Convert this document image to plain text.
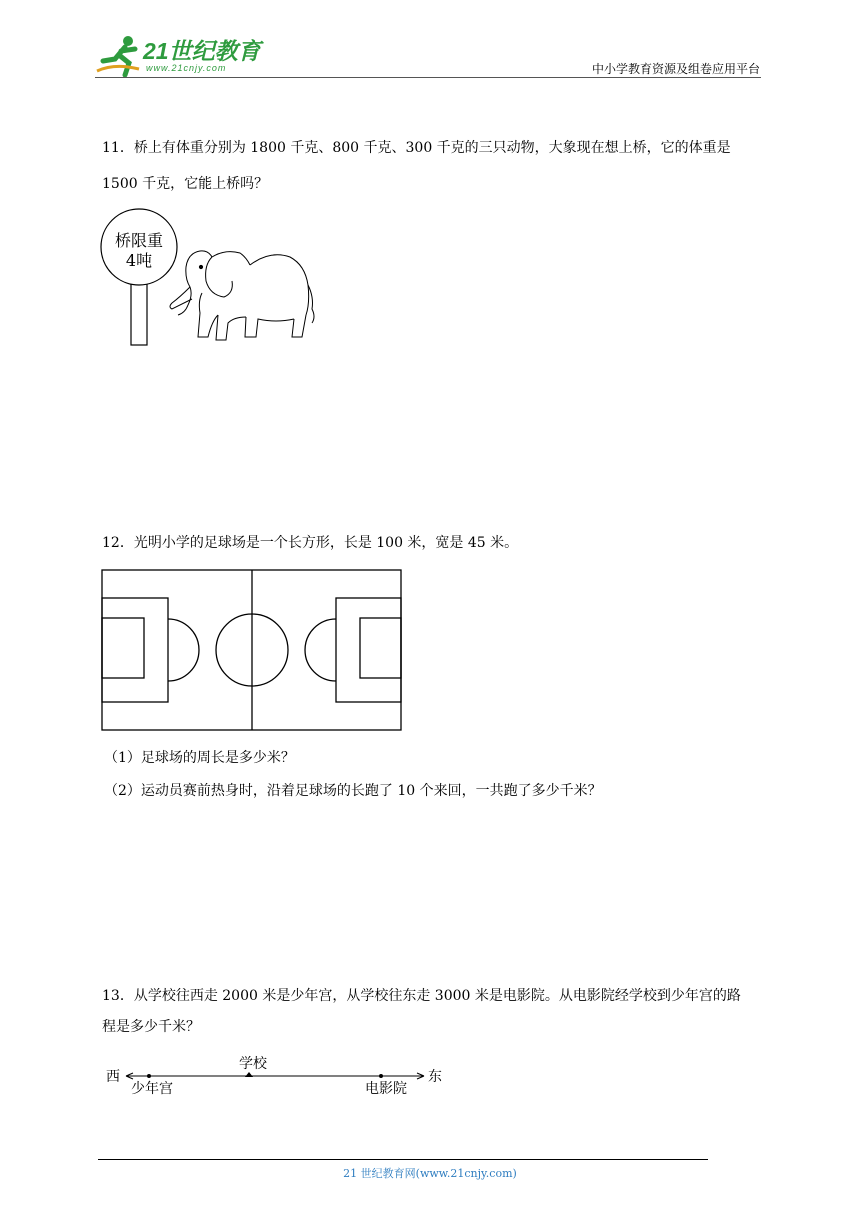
21世纪教育
www.21cnjy.com	中小学教育资源及组卷应用平台
11．桥上有体重分别为 1800 千克、800 千克、300 千克的三只动物，大象现在想上桥，它的体重是
1500 千克，它能上桥吗？
桥限重
4吨
12．光明小学的足球场是一个长方形，长是 100 米，宽是 45 米。
（1）足球场的周长是多少米？
（2）运动员赛前热身时，沿着足球场的长跑了 10 个来回，一共跑了多少千米？
13．从学校往西走 2000 米是少年宫，从学校往东走 3000 米是电影院。从电影院经学校到少年宫的路
程是多少千米？
西	东
学校
少年宫	电影院
21 世纪教育网(www.21cnjy.com)
